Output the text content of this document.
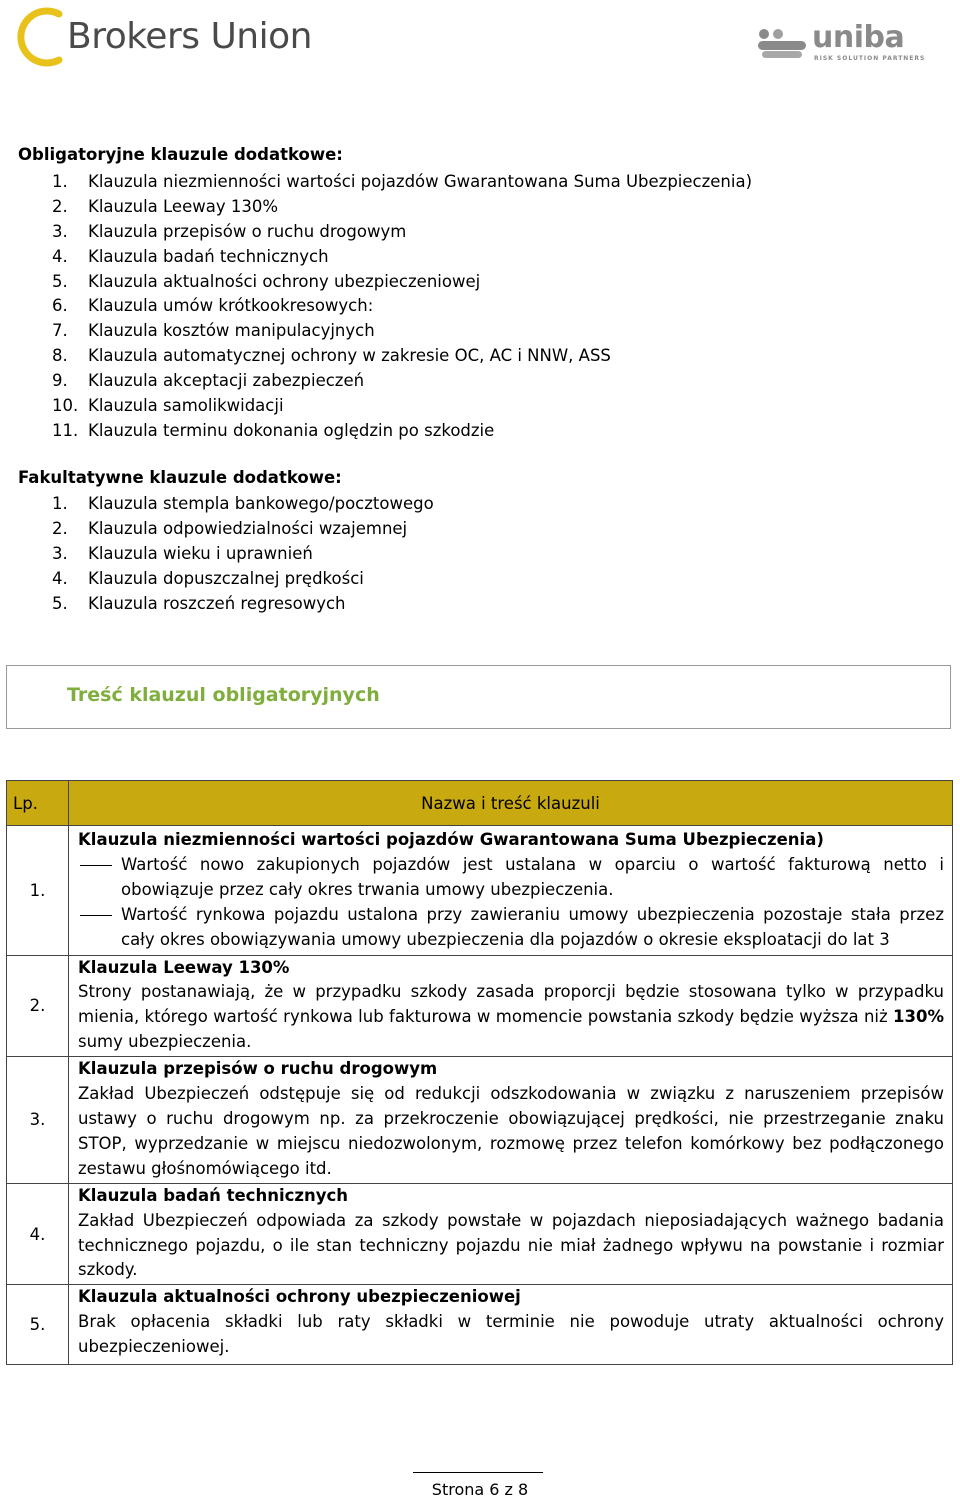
Brokers Union	uniba
RISK SOLUTION PARTNERS
Obligatoryjne klauzule dodatkowe:
1.	Klauzula niezmienności wartości pojazdów Gwarantowana Suma Ubezpieczenia)
2.	Klauzula Leeway 130%
3.	Klauzula przepisów o ruchu drogowym
4.	Klauzula badań technicznych
5.	Klauzula aktualności ochrony ubezpieczeniowej
6.	Klauzula umów krótkookresowych:
7.	Klauzula kosztów manipulacyjnych
8.	Klauzula automatycznej ochrony w zakresie OC, AC i NNW, ASS
9.	Klauzula akceptacji zabezpieczeń
10. Klauzula samolikwidacji
11. Klauzula terminu dokonania oględzin po szkodzie
Fakultatywne klauzule dodatkowe:
1.	Klauzula stempla bankowego/pocztowego
2.	Klauzula odpowiedzialności wzajemnej
3.	Klauzula wieku i uprawnień
4.	Klauzula dopuszczalnej prędkości
5.	Klauzula roszczeń regresowych
Treść klauzul obligatoryjnych
Lp.	Nazwa i treść klauzuli
1.	Klauzula niezmienności wartości pojazdów Gwarantowana Suma Ubezpieczenia)
Wartość nowo zakupionych pojazdów jest ustalana w oparciu o wartość fakturową netto i obowiązuje przez cały okres trwania umowy ubezpieczenia.
Wartość rynkowa pojazdu ustalona przy zawieraniu umowy ubezpieczenia pozostaje stała przez cały okres obowiązywania umowy ubezpieczenia dla pojazdów o okresie eksploatacji do lat 3

2.	Klauzula Leeway 130%
Strony postanawiają, że w przypadku szkody zasada proporcji będzie stosowana tylko w przypadku mienia, którego wartość rynkowa lub fakturowa w momencie powstania szkody będzie wyższa niż 130% sumy ubezpieczenia.

3.	Klauzula przepisów o ruchu drogowym
Zakład Ubezpieczeń odstępuje się od redukcji odszkodowania w związku z naruszeniem przepisów ustawy o ruchu drogowym np. za przekroczenie obowiązującej prędkości, nie przestrzeganie znaku STOP, wyprzedzanie w miejscu niedozwolonym, rozmowę przez telefon komórkowy bez podłączonego zestawu głośnomówiącego itd.

4.	Klauzula badań technicznych
Zakład Ubezpieczeń odpowiada za szkody powstałe w pojazdach nieposiadających ważnego badania technicznego pojazdu, o ile stan techniczny pojazdu nie miał żadnego wpływu na powstanie i rozmiar szkody.

5.	Klauzula aktualności ochrony ubezpieczeniowej
Brak opłacenia składki lub raty składki w terminie nie powoduje utraty aktualności ochrony ubezpieczeniowej.
Strona 6 z 8
